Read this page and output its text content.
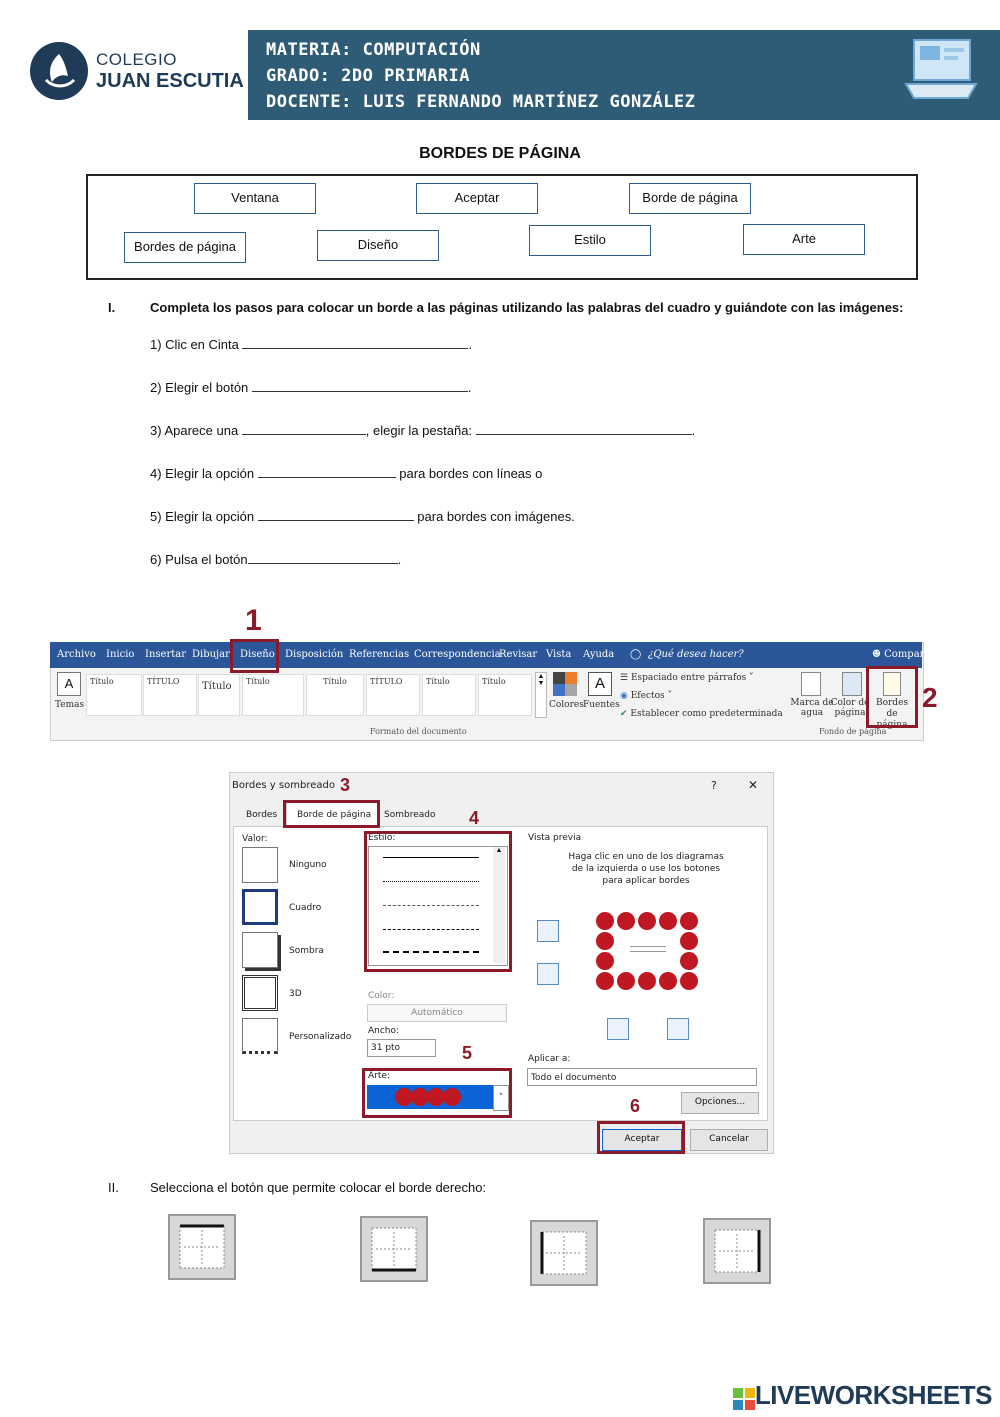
COLEGIO
JUAN ESCUTIA
MATERIA: COMPUTACIÓN
GRADO: 2DO PRIMARIA
DOCENTE: LUIS FERNANDO MARTÍNEZ GONZÁLEZ
BORDES DE PÁGINA
Ventana	Aceptar	Borde de página
Bordes de página	Diseño	Estilo	Arte
I.	Completa los pasos para colocar un borde a las páginas utilizando las palabras del cuadro y guiándote con las imágenes:
1) Clic en Cinta	.
2) Elegir el botón	.
3) Aparece una	, elegir la pestaña:	.
4) Elegir la opción	para bordes con líneas o
5) Elegir la opción	para bordes con imágenes.
6) Pulsa el botón	.
Archivo Inicio Insertar Dibujar Diseño Disposición Referencias Correspondencia
Revisar Vista Ayuda ◯ ¿Qué desea hacer?	☻ Compartir
1
A
Temas
Título	TÍTULO	Título	Título	Título	TÍTULO	Título	Título
▲
▼
Colores
A
Fuentes
☰ Espaciado entre párrafos ˅
◉ Efectos ˅
✔ Establecer como predeterminada
Formato del documento
Marca de agua
Color de página
Bordes
de página
Fondo de página
2
Bordes y sombreado 3	?	✕
Bordes Borde de página Sombreado
Valor:
Ninguno
Cuadro
Sombra
3D
Personalizado
Estilo:
▲
4
Color:
Automático
Ancho:
31 pto	5
Arte:
˅
Vista previa
Haga clic en uno de los diagramas de la izquierda o use los botones para aplicar bordes
Aplicar a:
Todo el documento
Opciones...
Aceptar
6
Cancelar
II. Selecciona el botón que permite colocar el borde derecho:
LIVEWORKSHEETS
